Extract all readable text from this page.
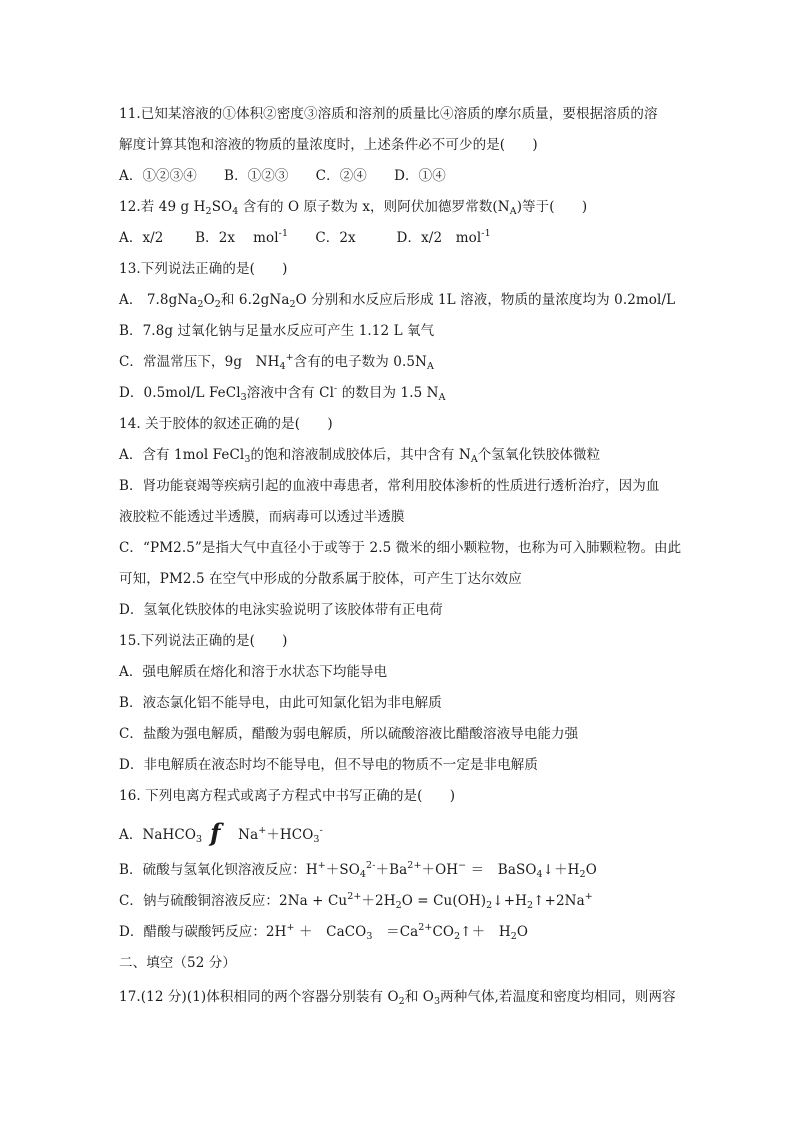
11.已知某溶液的①体积②密度③溶质和溶剂的质量比④溶质的摩尔质量，要根据溶质的溶
解度计算其饱和溶液的物质的量浓度时，上述条件必不可少的是(　　)
A．①②③④　　B．①②③　　C．②④　　D．①④
12.若 49 g $H_2SO_4$ 含有的 O 原子数为 x，则阿伏加德罗常数$(N_A)$等于(　　)
A．x/2　　 B．2x　 mol$^{-1}$　　C．2x　　　D．x/2　mol$^{-1}$
13.下列说法正确的是(　　)
A． $7.8gNa_2O_2$和 6.2gNa$_2$O 分别和水反应后形成 1L 溶液，物质的量浓度均为 0.2mol/L
B．7.8g 过氧化钠与足量水反应可产生 1.12 L 氧气
C．常温常压下，9g　$NH_4^+$含有的电子数为 $0.5N_A$
D．0.5mol/L FeCl$_3$溶液中含有 Cl- 的数目为 1.5 $N_A$
14. 关于胶体的叙述正确的是(　　)
A．含有 1mol FeCl$_3$的饱和溶液制成胶体后，其中含有 $N_A$个氢氧化铁胶体微粒
B．肾功能衰竭等疾病引起的血液中毒患者，常利用胶体渗析的性质进行透析治疗，因为血
液胶粒不能透过半透膜，而病毒可以透过半透膜
C．“PM2.5”是指大气中直径小于或等于 2.5 微米的细小颗粒物，也称为可入肺颗粒物。由此
可知，PM2.5 在空气中形成的分散系属于胶体，可产生丁达尔效应
D．氢氧化铁胶体的电泳实验说明了该胶体带有正电荷
15.下列说法正确的是(　　)
A．强电解质在熔化和溶于水状态下均能导电
B．液态氯化铝不能导电，由此可知氯化铝为非电解质
C．盐酸为强电解质，醋酸为弱电解质，所以硫酸溶液比醋酸溶液导电能力强
D．非电解质在液态时均不能导电，但不导电的物质不一定是非电解质
16. 下列电离方程式或离子方程式中书写正确的是(　　)
A．NaHCO$_3$ f　$Na^++HCO_3^-$
B．硫酸与氢氧化钡溶液反应：$H^++SO_4^{2-}+Ba^{2+}+OH^-$ ＝　$BaSO_4↓+H_2O$
C．钠与硫酸铜溶液反应：$2Na + Cu^{2+}+2H_2O$ = $Cu(OH)_2↓+H_2↑+2Na^+$
D．醋酸与碳酸钙反应：2H+ ＋　CaCO$_3$　$=Ca^{2+}CO_2↑+$　$H_2O$
二、填空（52 分）
17.(12 分)(1)体积相同的两个容器分别装有 $O_2$和 $O_3$两种气体,若温度和密度均相同，则两容
